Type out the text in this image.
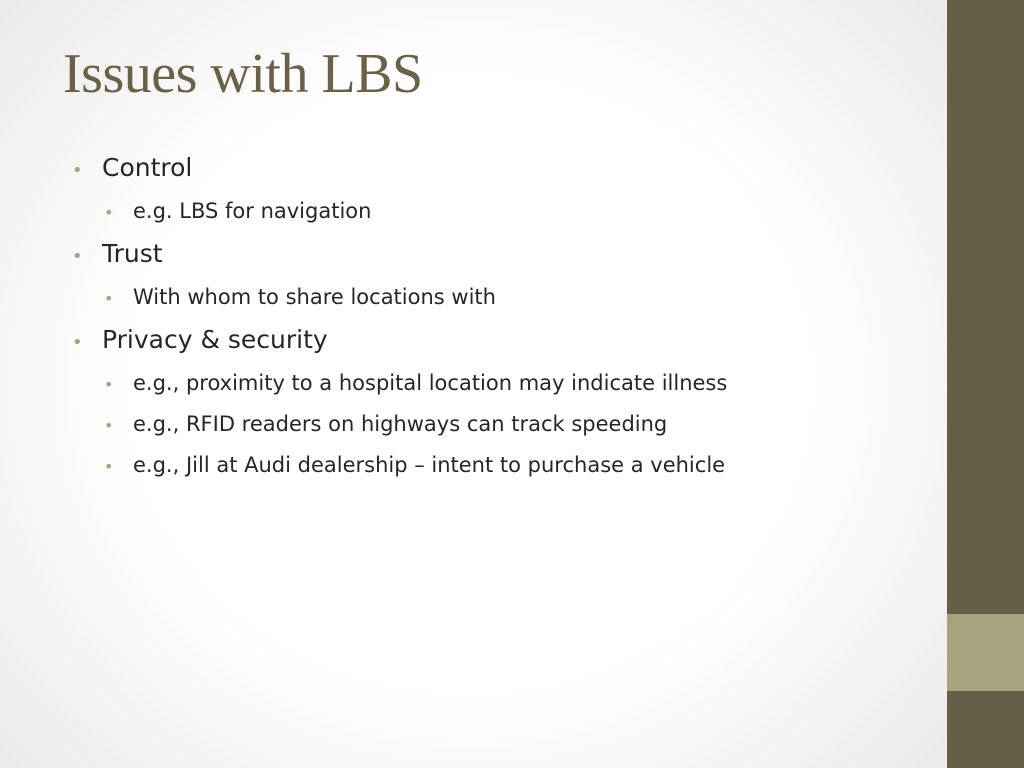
Issues with LBS
• Control
• e.g. LBS for navigation
• Trust
• With whom to share locations with
• Privacy & security
• e.g., proximity to a hospital location may indicate illness
• e.g., RFID readers on highways can track speeding
• e.g., Jill at Audi dealership – intent to purchase a vehicle
